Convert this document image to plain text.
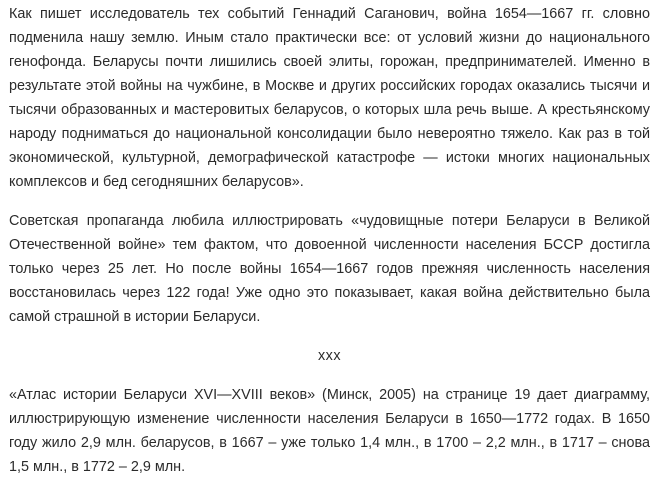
Как пишет исследователь тех событий Геннадий Саганович, война 1654—1667 гг. словно подменила нашу землю. Иным стало практически все: от условий жизни до национального генофонда. Беларусы почти лишились своей элиты, горожан, предпринимателей. Именно в результате этой войны на чужбине, в Москве и других российских городах оказались тысячи и тысячи образованных и мастеровитых беларусов, о которых шла речь выше. А крестьянскому народу подниматься до национальной консолидации было невероятно тяжело. Как раз в той экономической, культурной, демографической катастрофе — истоки многих национальных комплексов и бед сегодняшних беларусов».

Советская пропаганда любила иллюстрировать «чудовищные потери Беларуси в Великой Отечественной войне» тем фактом, что довоенной численности населения БССР достигла только через 25 лет. Но после войны 1654—1667 годов прежняя численность населения восстановилась через 122 года! Уже одно это показывает, какая война действительно была самой страшной в истории Беларуси.

xxx

«Атлас истории Беларуси XVI—XVIII веков» (Минск, 2005) на странице 19 дает диаграмму, иллюстрирующую изменение численности населения Беларуси в 1650—1772 годах. В 1650 году жило 2,9 млн. беларусов, в 1667 – уже только 1,4 млн., в 1700 – 2,2 млн., в 1717 – снова 1,5 млн., в 1772 – 2,9 млн.
